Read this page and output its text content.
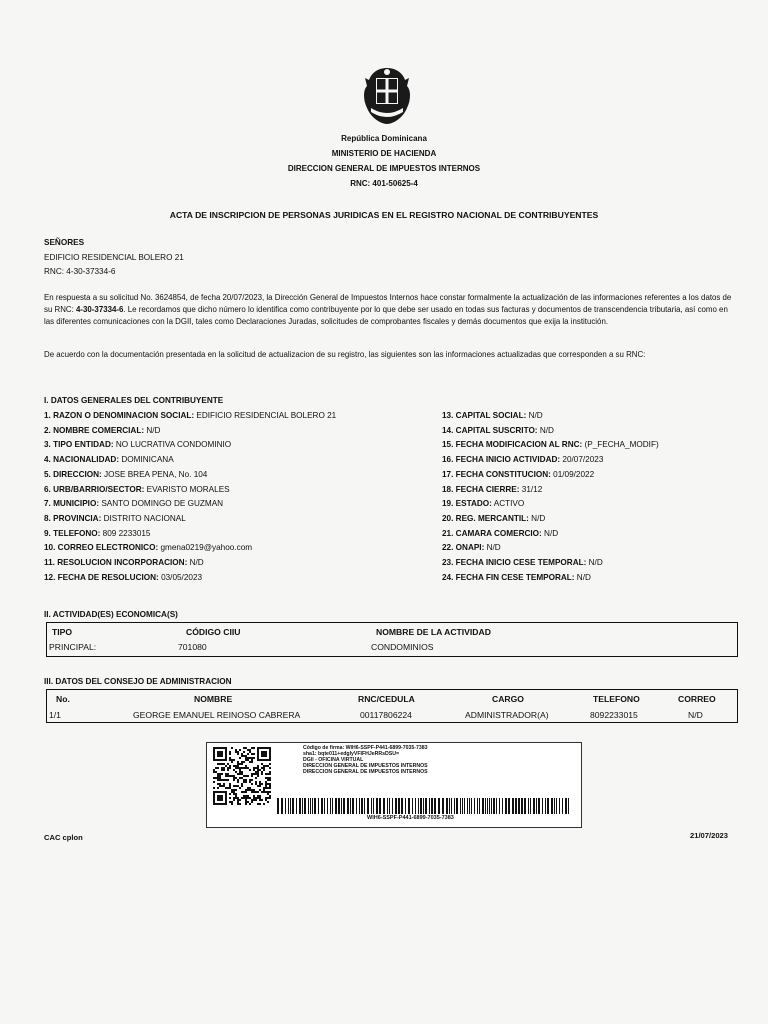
República Dominicana
MINISTERIO DE HACIENDA
DIRECCION GENERAL DE IMPUESTOS INTERNOS
RNC: 401-50625-4
ACTA DE INSCRIPCION DE PERSONAS JURIDICAS EN EL REGISTRO NACIONAL DE CONTRIBUYENTES
SEÑORES
EDIFICIO RESIDENCIAL BOLERO 21
RNC: 4-30-37334-6
En respuesta a su solicitud No. 3624854, de fecha 20/07/2023, la Dirección General de Impuestos Internos hace constar formalmente la actualización de las informaciones referentes a los datos de su RNC: 4-30-37334-6. Le recordamos que dicho número lo identifica como contribuyente por lo que debe ser usado en todas sus facturas y documentos de transcendencia tributaria, así como en las diferentes comunicaciones con la DGII, tales como Declaraciones Juradas, solicitudes de comprobantes fiscales y demás documentos que exija la institución.
De acuerdo con la documentación presentada en la solicitud de actualizacion de su registro, las siguientes son las informaciones actualizadas que corresponden a su RNC:
I. DATOS GENERALES DEL CONTRIBUYENTE
1. RAZON O DENOMINACION SOCIAL: EDIFICIO RESIDENCIAL BOLERO 21
2. NOMBRE COMERCIAL: N/D
3. TIPO ENTIDAD: NO LUCRATIVA CONDOMINIO
4. NACIONALIDAD: DOMINICANA
5. DIRECCION: JOSE BREA PENA, No. 104
6. URB/BARRIO/SECTOR: EVARISTO MORALES
7. MUNICIPIO: SANTO DOMINGO DE GUZMAN
8. PROVINCIA: DISTRITO NACIONAL
9. TELEFONO: 809 2233015
10. CORREO ELECTRONICO: gmena0219@yahoo.com
11. RESOLUCION INCORPORACION: N/D
12. FECHA DE RESOLUCION: 03/05/2023
13. CAPITAL SOCIAL: N/D
14. CAPITAL SUSCRITO: N/D
15. FECHA MODIFICACION AL RNC: (P_FECHA_MODIF)
16. FECHA INICIO ACTIVIDAD: 20/07/2023
17. FECHA CONSTITUCION: 01/09/2022
18. FECHA CIERRE: 31/12
19. ESTADO: ACTIVO
20. REG. MERCANTIL: N/D
21. CAMARA COMERCIO: N/D
22. ONAPI: N/D
23. FECHA INICIO CESE TEMPORAL: N/D
24. FECHA FIN CESE TEMPORAL: N/D
II. ACTIVIDAD(ES) ECONOMICA(S)
TIPO	CÓDIGO CIIU	NOMBRE DE LA ACTIVIDAD
PRINCIPAL:	701080	CONDOMINIOS
III. DATOS DEL CONSEJO DE ADMINISTRACION
No.	NOMBRE	RNC/CEDULA	CARGO	TELEFONO	CORREO
1/1	GEORGE EMANUEL REINOSO CABRERA	00117806224	ADMINISTRADOR(A)	8092233015	N/D
Código de firma: WIH6-SSPF-P441-6899-7035-7383
sha1: bqte011+edglyVFIFHJeRRsDSU=
DGII - OFICINA VIRTUAL
DIRECCION GENERAL DE IMPUESTOS INTERNOS
DIRECCION GENERAL DE IMPUESTOS INTERNOS
WIH6-SSPF-P441-6899-7035-7383
CAC cplon	21/07/2023
